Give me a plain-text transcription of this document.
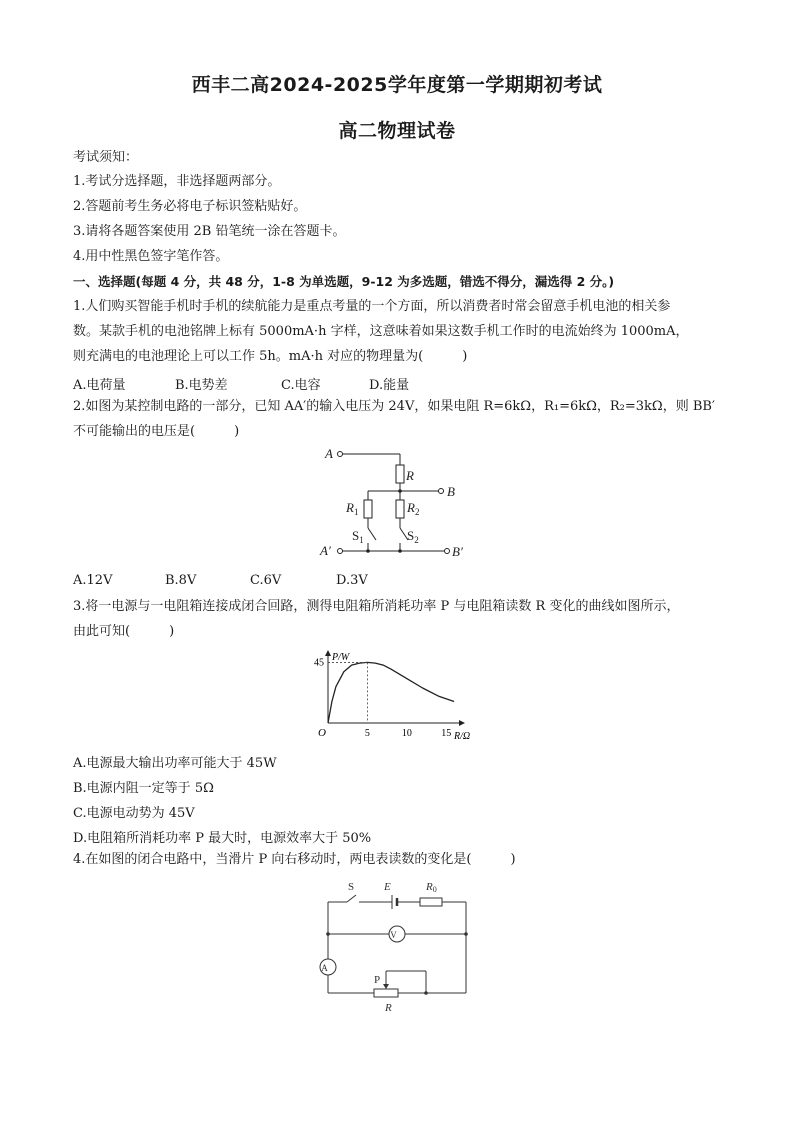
西丰二高2024-2025学年度第一学期期初考试
高二物理试卷
考试须知：
1.考试分选择题，非选择题两部分。
2.答题前考生务必将电子标识签粘贴好。
3.请将各题答案使用 2B 铅笔统一涂在答题卡。
4.用中性黑色签字笔作答。
一、选择题(每题 4 分，共 48 分，1-8 为单选题，9-12 为多选题，错选不得分，漏选得 2 分。)
1.人们购买智能手机时手机的续航能力是重点考量的一个方面，所以消费者时常会留意手机电池的相关参
数。某款手机的电池铭牌上标有 5000mA·h 字样，这意味着如果这数手机工作时的电流始终为 1000mA，
则充满电的电池理论上可以工作 5h。mA·h 对应的物理量为(　　　)
A.电荷量	B.电势差	C.电容	D.能量
2.如图为某控制电路的一部分，已知 AA′的输入电压为 24V，如果电阻 R=6kΩ，R₁=6kΩ，R₂=3kΩ，则 BB′
不可能输出的电压是(　　　)
A
R
B
$R_1$	$R_2$
$S_1$	$S_2$
A′	B′
A.12V	B.8V	C.6V	D.3V
3.将一电源与一电阻箱连接成闭合回路，测得电阻箱所消耗功率 P 与电阻箱读数 R 变化的曲线如图所示，
由此可知(　　　)
5	10	15
45
O
P/W
R/Ω
A.电源最大输出功率可能大于 45W
B.电源内阻一定等于 5Ω
C.电源电动势为 45V
D.电阻箱所消耗功率 P 最大时，电源效率大于 50%
4.在如图的闭合电路中，当滑片 P 向右移动时，两电表读数的变化是(　　　)
V
A
S	E	R0
P
R
